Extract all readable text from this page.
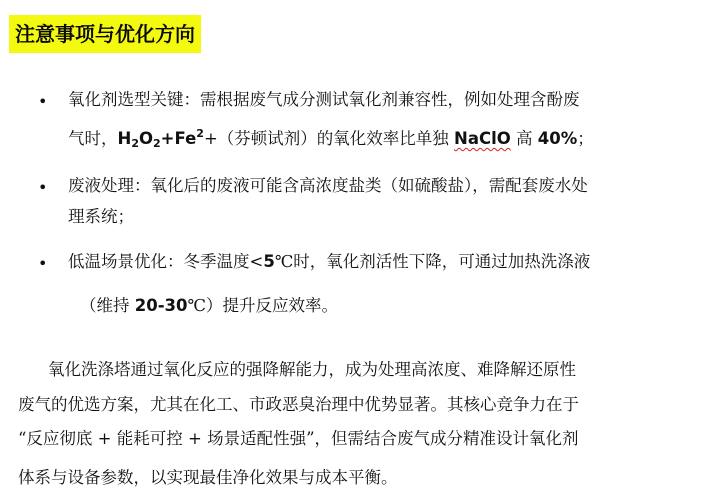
注意事项与优化方向
• 氧化剂选型关键：需根据废气成分测试氧化剂兼容性，例如处理含酚废
气时，$H_2O_2+Fe^2+$（芬顿试剂）的氧化效率比单独 NaClO 高 40%；
• 废液处理：氧化后的废液可能含高浓度盐类（如硫酸盐），需配套废水处
理系统；
• 低温场景优化：冬季温度<5℃时，氧化剂活性下降，可通过加热洗涤液
（维持 20-30℃）提升反应效率。
氧化洗涤塔通过氧化反应的强降解能力，成为处理高浓度、难降解还原性
废气的优选方案，尤其在化工、市政恶臭治理中优势显著。其核心竞争力在于
“反应彻底 + 能耗可控 + 场景适配性强”，但需结合废气成分精准设计氧化剂
体系与设备参数，以实现最佳净化效果与成本平衡。
